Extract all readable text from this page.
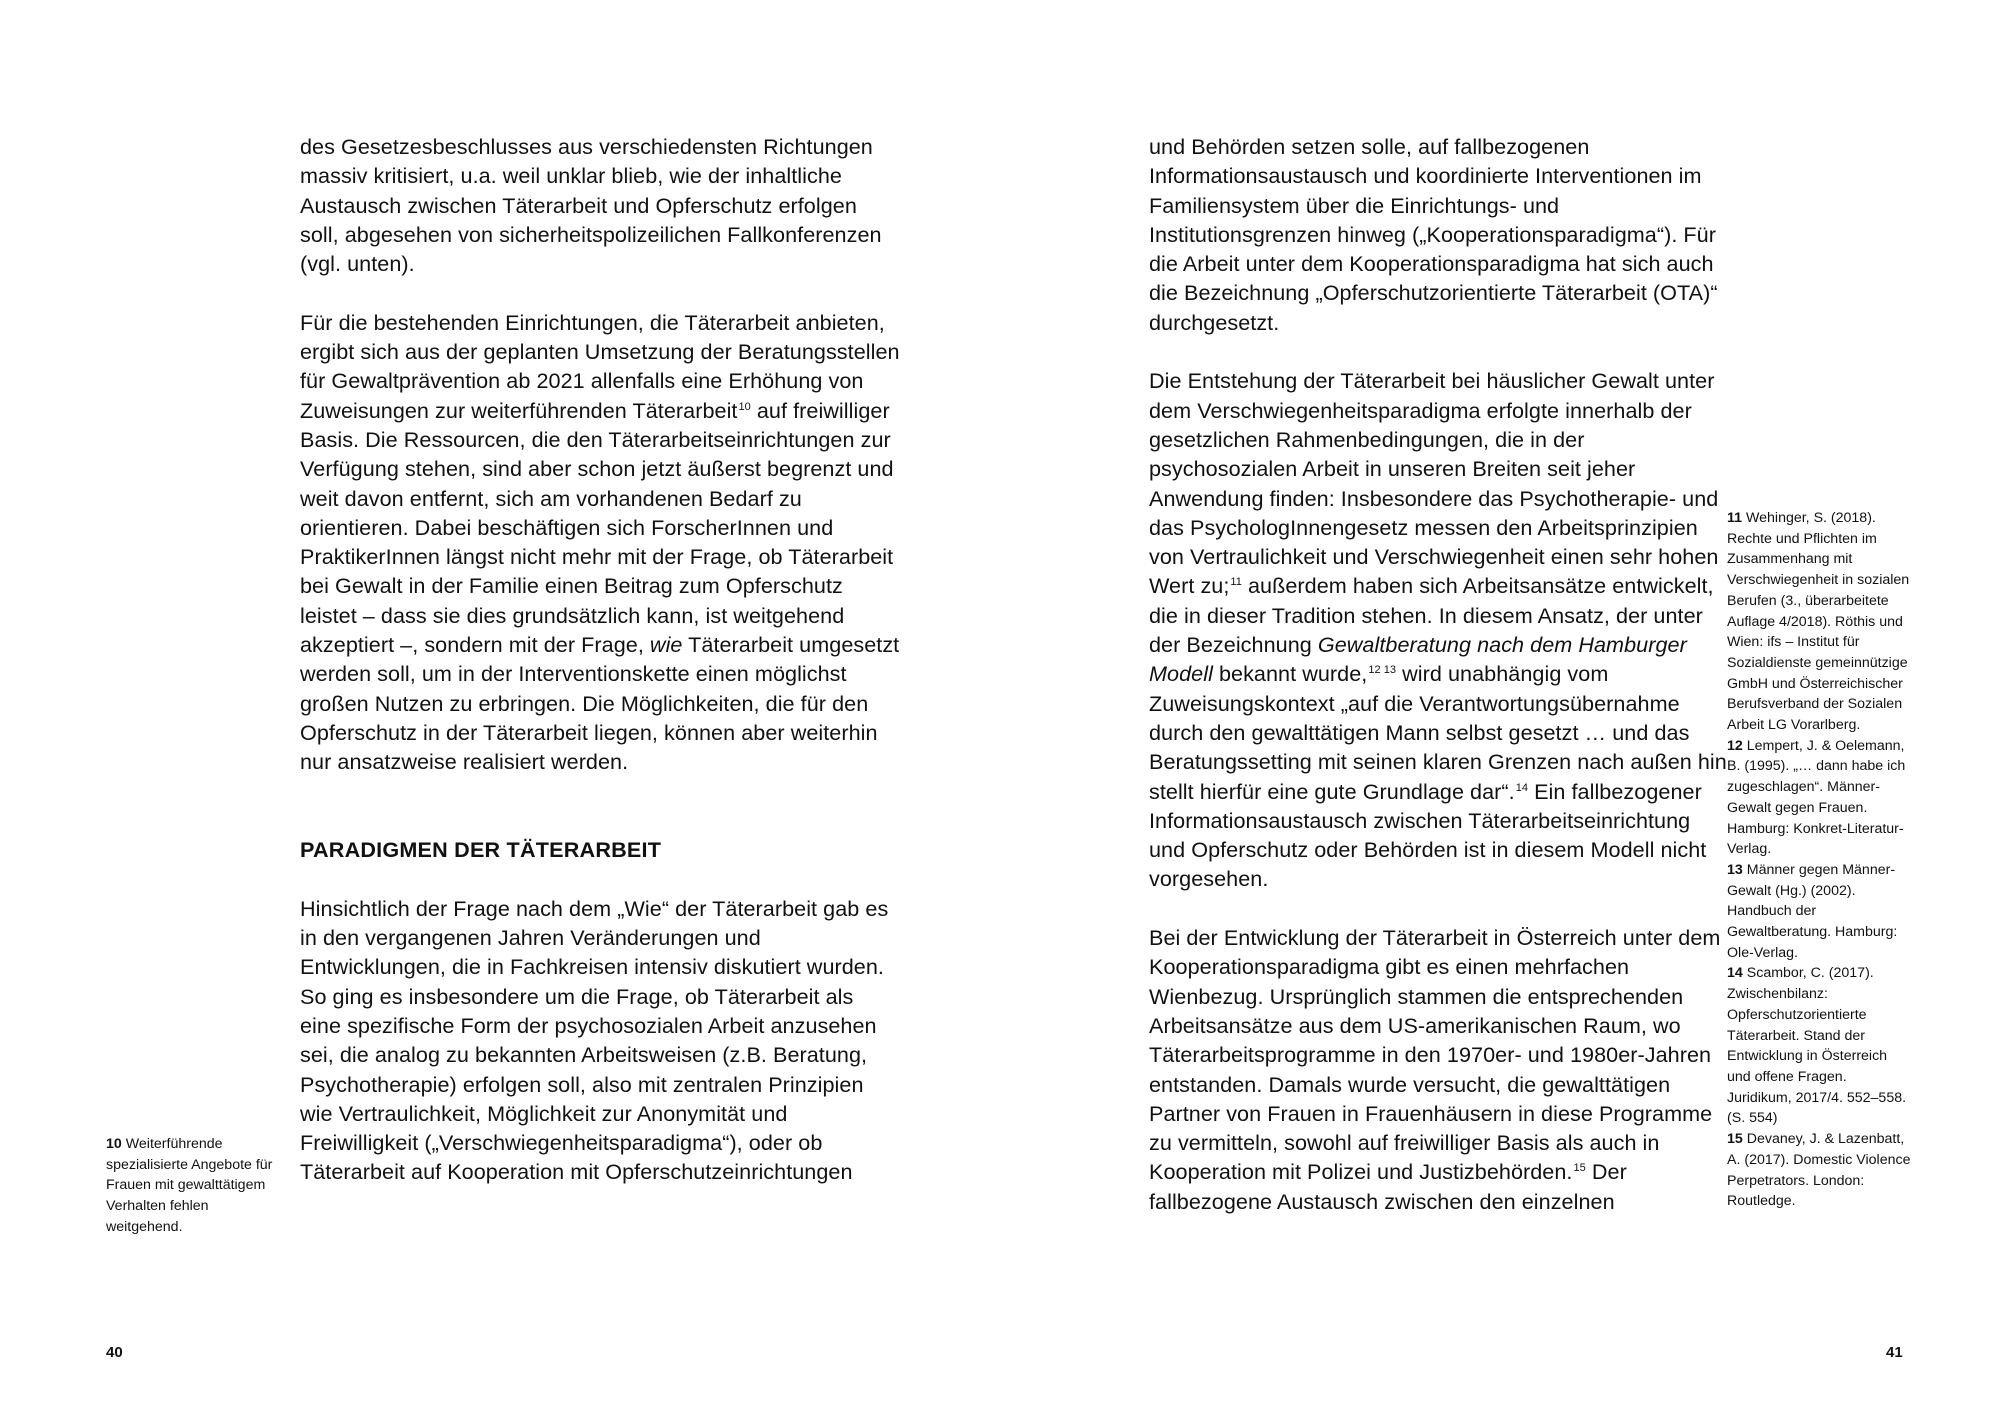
des Gesetzesbeschlusses aus verschiedensten Richtungen massiv kritisiert, u.a. weil unklar blieb, wie der inhaltliche Austausch zwischen Täterarbeit und Opferschutz erfolgen soll, abgesehen von sicherheitspolizeilichen Fallkonferenzen (vgl. unten).

Für die bestehenden Einrichtungen, die Täterarbeit anbieten, ergibt sich aus der geplanten Umsetzung der Beratungsstellen für Gewaltprävention ab 2021 allenfalls eine Erhöhung von Zuweisungen zur weiterführenden Täterarbeit$^{10}$ auf freiwilliger Basis. Die Ressourcen, die den Täterarbeitseinrichtungen zur Verfügung stehen, sind aber schon jetzt äußerst begrenzt und weit davon entfernt, sich am vorhandenen Bedarf zu orientieren. Dabei beschäftigen sich ForscherInnen und PraktikerInnen längst nicht mehr mit der Frage, ob Täterarbeit bei Gewalt in der Familie einen Beitrag zum Opferschutz leistet – dass sie dies grundsätzlich kann, ist weitgehend akzeptiert –, sondern mit der Frage, wie Täterarbeit umgesetzt werden soll, um in der Interventionskette einen möglichst großen Nutzen zu erbringen. Die Möglichkeiten, die für den Opferschutz in der Täterarbeit liegen, können aber weiterhin nur ansatzweise realisiert werden.

PARADIGMEN DER TÄTERARBEIT

Hinsichtlich der Frage nach dem „Wie“ der Täterarbeit gab es in den vergangenen Jahren Veränderungen und Entwicklungen, die in Fachkreisen intensiv diskutiert wurden. So ging es insbesondere um die Frage, ob Täterarbeit als eine spezifische Form der psychosozialen Arbeit anzusehen sei, die analog zu bekannten Arbeitsweisen (z.B. Beratung, Psychotherapie) erfolgen soll, also mit zentralen Prinzipien wie Vertraulichkeit, Möglichkeit zur Anonymität und Freiwilligkeit („Verschwiegenheitsparadigma“), oder ob Täterarbeit auf Kooperation mit Opferschutzeinrichtungen

10 Weiterführende spezialisierte Angebote für Frauen mit gewalttätigem Verhalten fehlen weitgehend.

40

und Behörden setzen solle, auf fallbezogenen Informationsaustausch und koordinierte Interventionen im Familiensystem über die Einrichtungs- und Institutionsgrenzen hinweg („Kooperationsparadigma“). Für die Arbeit unter dem Kooperationsparadigma hat sich auch die Bezeichnung „Opferschutzorientierte Täterarbeit (OTA)“ durchgesetzt.

Die Entstehung der Täterarbeit bei häuslicher Gewalt unter dem Verschwiegenheitsparadigma erfolgte innerhalb der gesetzlichen Rahmenbedingungen, die in der psychosozialen Arbeit in unseren Breiten seit jeher Anwendung finden: Insbesondere das Psychotherapie- und das PsychologInnengesetz messen den Arbeitsprinzipien von Vertraulichkeit und Verschwiegenheit einen sehr hohen Wert zu;$^{11}$ außerdem haben sich Arbeitsansätze entwickelt, die in dieser Tradition stehen. In diesem Ansatz, der unter der Bezeichnung Gewaltberatung nach dem Hamburger Modell bekannt wurde,$^{12 13}$ wird unabhängig vom Zuweisungskontext „auf die Verantwortungsübernahme durch den gewalttätigen Mann selbst gesetzt … und das Beratungssetting mit seinen klaren Grenzen nach außen hin stellt hierfür eine gute Grundlage dar“.$^{14}$ Ein fallbezogener Informationsaustausch zwischen Täterarbeitseinrichtung und Opferschutz oder Behörden ist in diesem Modell nicht vorgesehen.

Bei der Entwicklung der Täterarbeit in Österreich unter dem Kooperationsparadigma gibt es einen mehrfachen Wienbezug. Ursprünglich stammen die entsprechenden Arbeitsansätze aus dem US-amerikanischen Raum, wo Täterarbeitsprogramme in den 1970er- und 1980er-Jahren entstanden. Damals wurde versucht, die gewalttätigen Partner von Frauen in Frauenhäusern in diese Programme zu vermitteln, sowohl auf freiwilliger Basis als auch in Kooperation mit Polizei und Justizbehörden.$^{15}$ Der fallbezogene Austausch zwischen den einzelnen

11 Wehinger, S. (2018). Rechte und Pflichten im Zusammenhang mit Verschwiegenheit in sozialen Berufen (3., überarbeitete Auflage 4/2018). Röthis und Wien: ifs – Institut für Sozialdienste gemeinnützige GmbH und Österreichischer Berufsverband der Sozialen Arbeit LG Vorarlberg.

12 Lempert, J. & Oelemann, B. (1995). „… dann habe ich zugeschlagen“. Männer-Gewalt gegen Frauen. Hamburg: Konkret-Literatur-Verlag.

13 Männer gegen Männer-Gewalt (Hg.) (2002). Handbuch der Gewaltberatung. Hamburg: Ole-Verlag.

14 Scambor, C. (2017). Zwischenbilanz: Opferschutzorientierte Täterarbeit. Stand der Entwicklung in Österreich und offene Fragen. Juridikum, 2017/4. 552–558. (S. 554)

15 Devaney, J. & Lazenbatt, A. (2017). Domestic Violence Perpetrators. London: Routledge.

41
